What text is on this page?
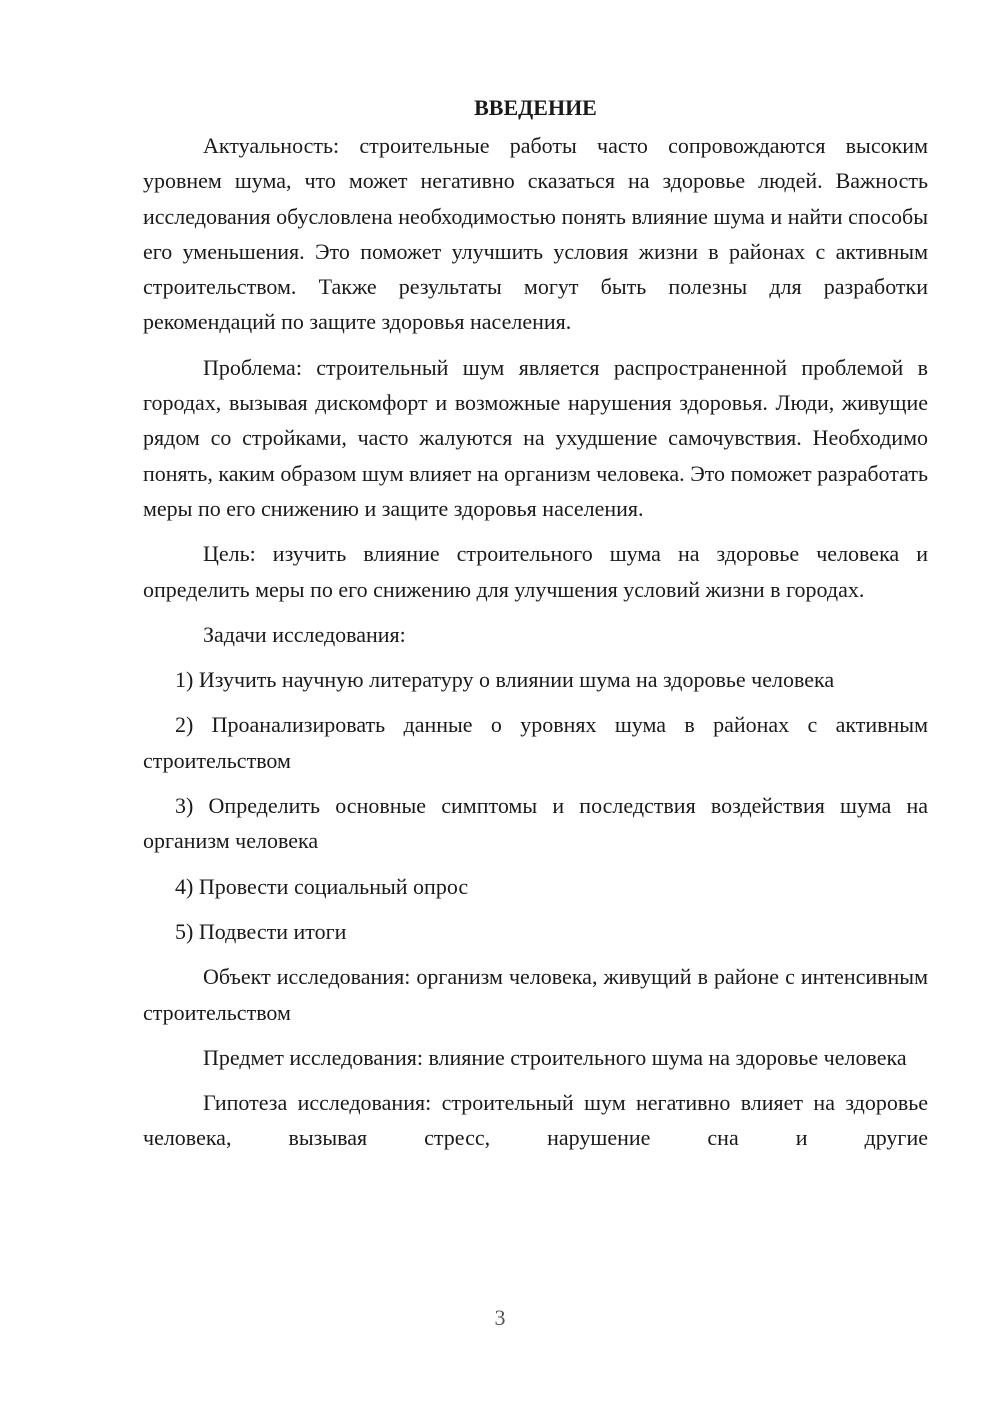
ВВЕДЕНИЕ

Актуальность: строительные работы часто сопровождаются высоким уровнем шума, что может негативно сказаться на здоровье людей. Важность исследования обусловлена необходимостью понять влияние шума и найти способы его уменьшения. Это поможет улучшить условия жизни в районах с активным строительством. Также результаты могут быть полезны для разработки рекомендаций по защите здоровья населения.

Проблема: строительный шум является распространенной проблемой в городах, вызывая дискомфорт и возможные нарушения здоровья. Люди, живущие рядом со стройками, часто жалуются на ухудшение самочувствия. Необходимо понять, каким образом шум влияет на организм человека. Это поможет разработать меры по его снижению и защите здоровья населения.

Цель: изучить влияние строительного шума на здоровье человека и определить меры по его снижению для улучшения условий жизни в городах.

Задачи исследования:

1) Изучить научную литературу о влиянии шума на здоровье человека

2) Проанализировать данные о уровнях шума в районах с активным строительством

3) Определить основные симптомы и последствия воздействия шума на организм человека

4) Провести социальный опрос

5) Подвести итоги

Объект исследования: организм человека, живущий в районе с интенсивным строительством

Предмет исследования: влияние строительного шума на здоровье человека

Гипотеза исследования: строительный шум негативно влияет на здоровье человека, вызывая стресс, нарушение сна и другие

3
